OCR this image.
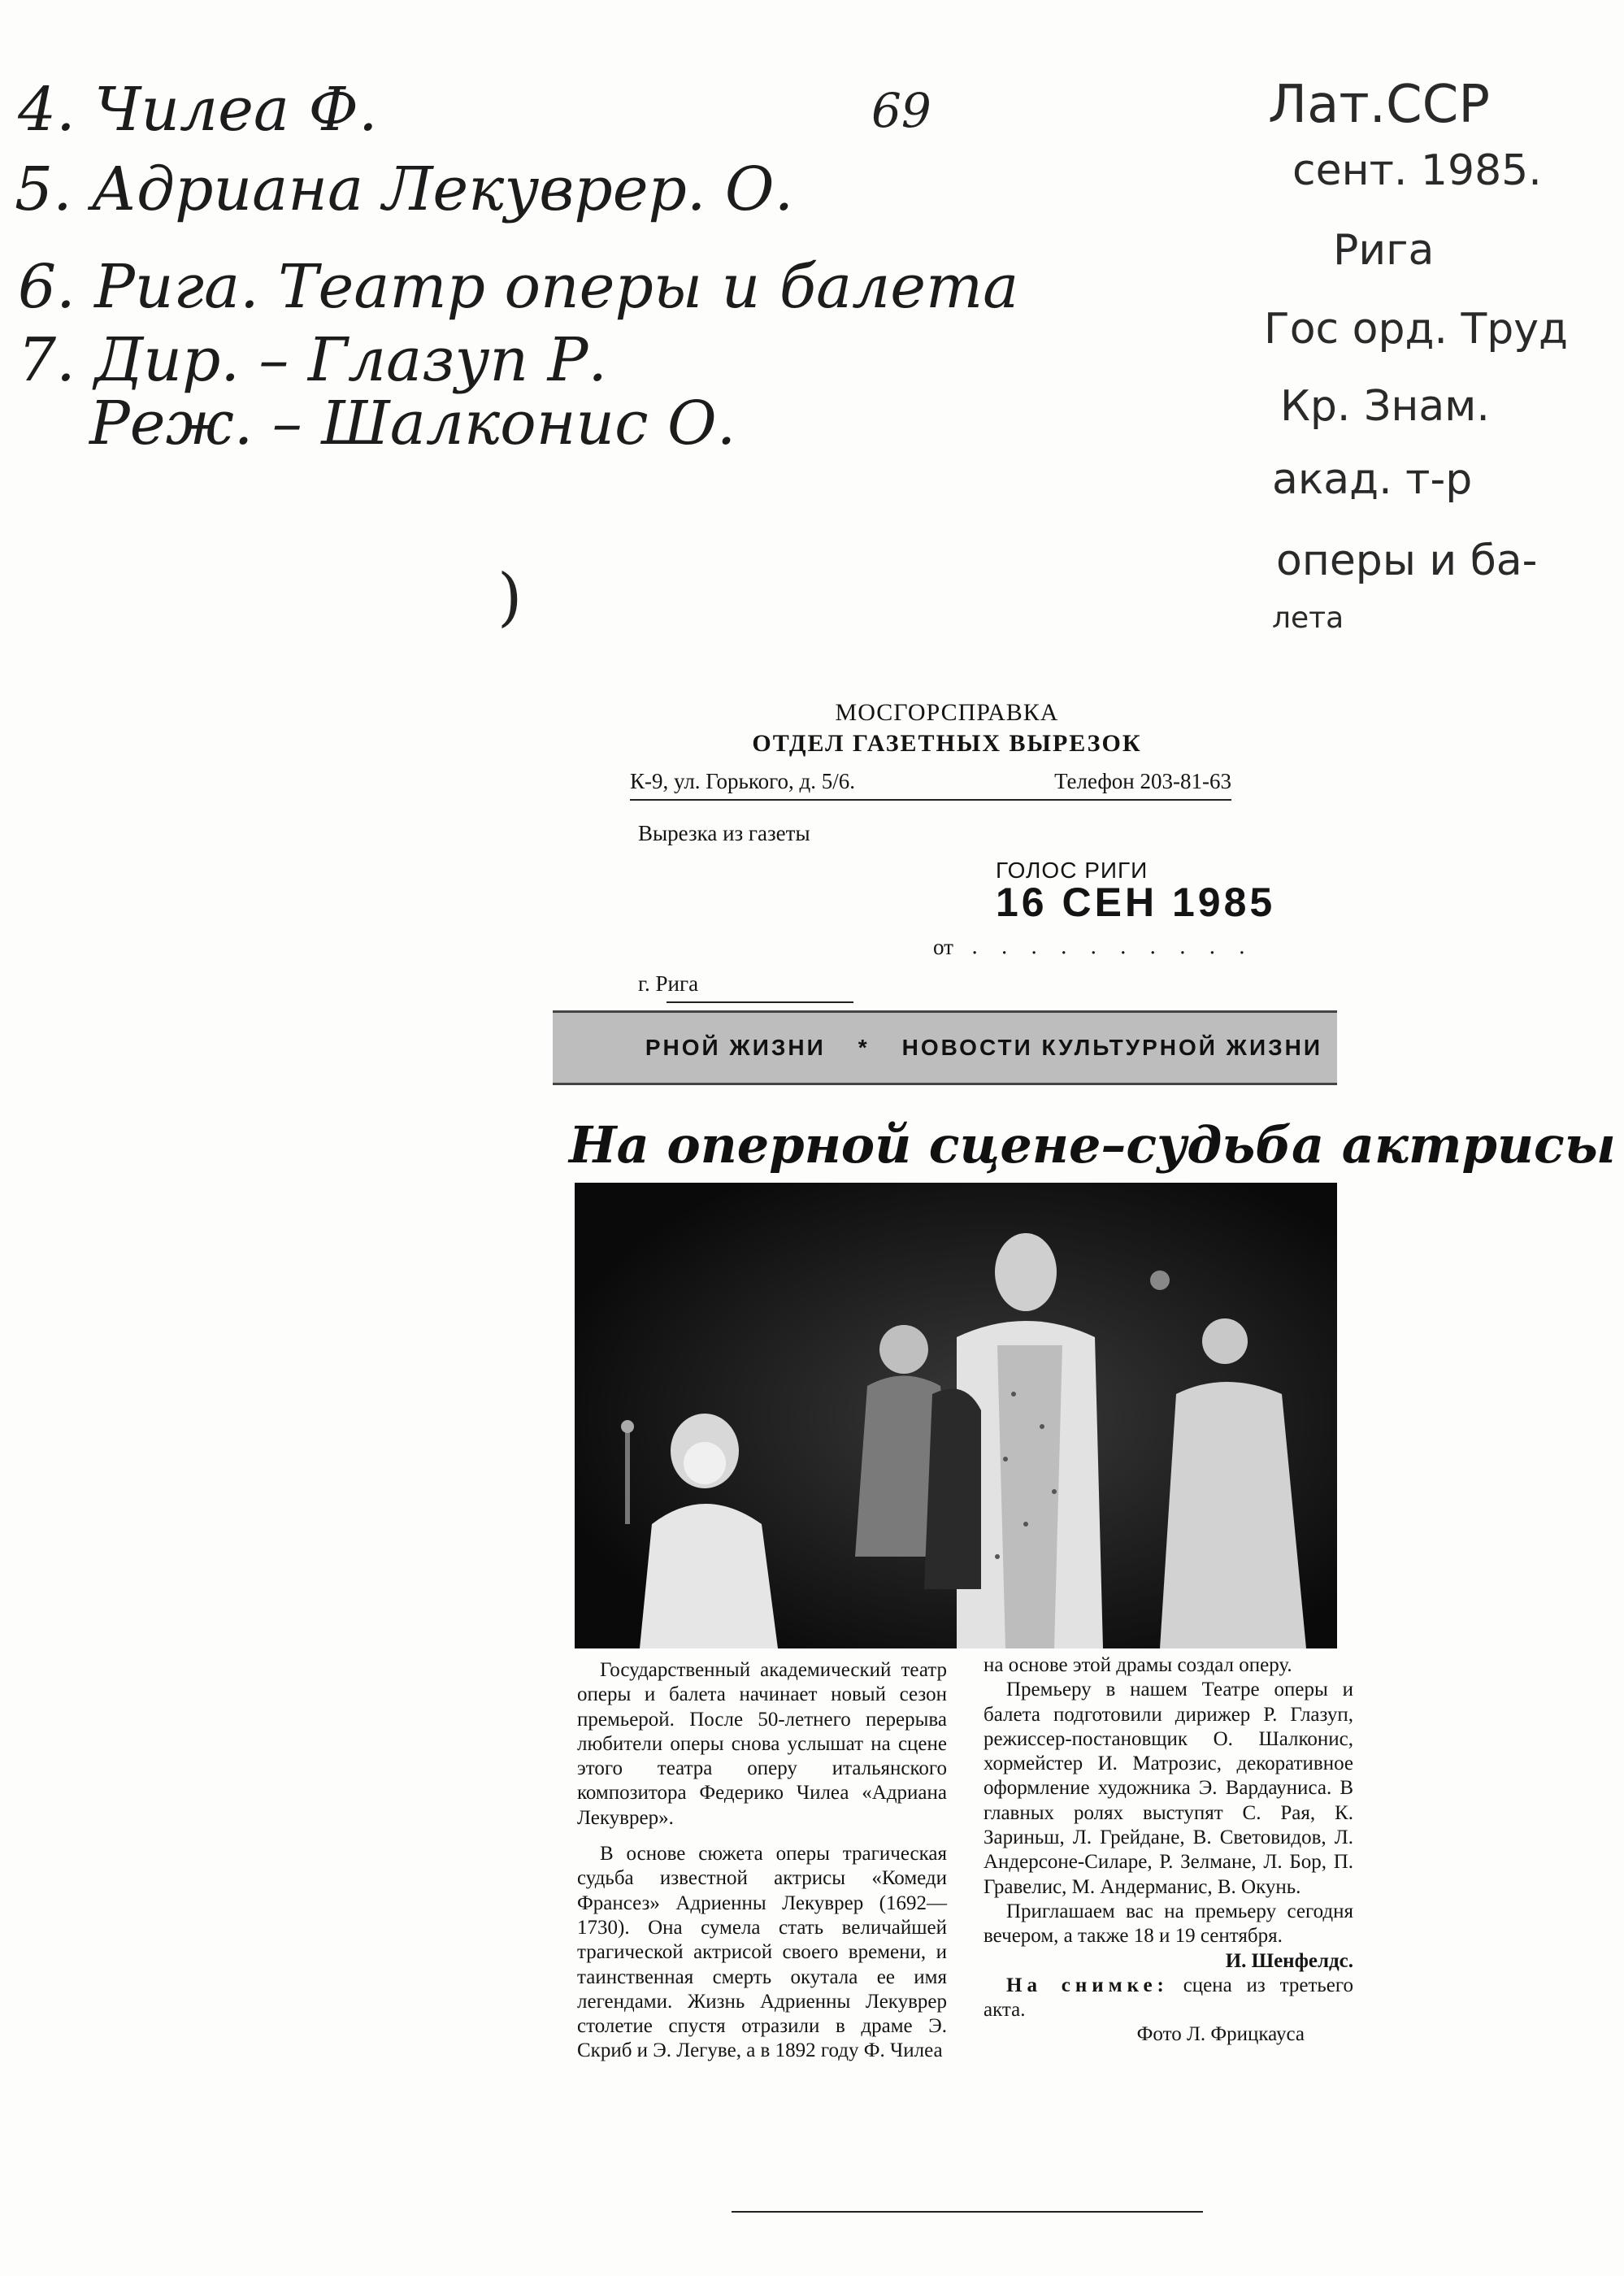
4. Чилеа Ф.
5. Адриана Лекуврер. О.
6. Рига. Театр оперы и балета
7. Дир. – Глазуп Р.
Реж. – Шалконис О.
69
)
Лат.ССР
сент. 1985.
Рига
Гос орд. Труд
Кр. Знам.
акад. т-р
оперы и ба-
лета
МОСГОРСПРАВКА
ОТДЕЛ ГАЗЕТНЫХ ВЫРЕЗОК
К-9, ул. Горького, д. 5/6.	Телефон 203-81-63
Вырезка из газеты
ГОЛОС РИГИ
16 СЕН 1985
от . . . . . . . . . .
г. Рига
РНОЙ ЖИЗНИ * НОВОСТИ КУЛЬТУРНОЙ ЖИЗНИ
На оперной сцене–судьба актрисы

Государственный академический театр оперы и балета начинает новый сезон премьерой. После 50-летнего перерыва любители оперы снова услышат на сцене этого театра оперу итальянского композитора Федерико Чилеа «Адриана Лекуврер».

В основе сюжета оперы трагическая судьба известной актрисы «Комеди Франсез» Адриенны Лекуврер (1692—1730). Она сумела стать величайшей трагической актрисой своего времени, и таинственная смерть окутала ее имя легендами. Жизнь Адриенны Лекуврер столетие спустя отразили в драме Э. Скриб и Э. Легуве, а в 1892 году Ф. Чилеа

на основе этой драмы создал оперу.

Премьеру в нашем Театре оперы и балета подготовили дирижер Р. Глазуп, режиссер-постановщик О. Шалконис, хормейстер И. Матрозис, декоративное оформление художника Э. Вардауниса. В главных ролях выступят С. Рая, К. Зариньш, Л. Грейдане, В. Световидов, Л. Андерсоне-Силаре, Р. Зелмане, Л. Бор, П. Гравелис, М. Андерманис, В. Окунь.

Приглашаем вас на премьеру сегодня вечером, а также 18 и 19 сентября.

И. Шенфелдс.

На снимке: сцена из третьего акта.

Фото Л. Фрицкауса
